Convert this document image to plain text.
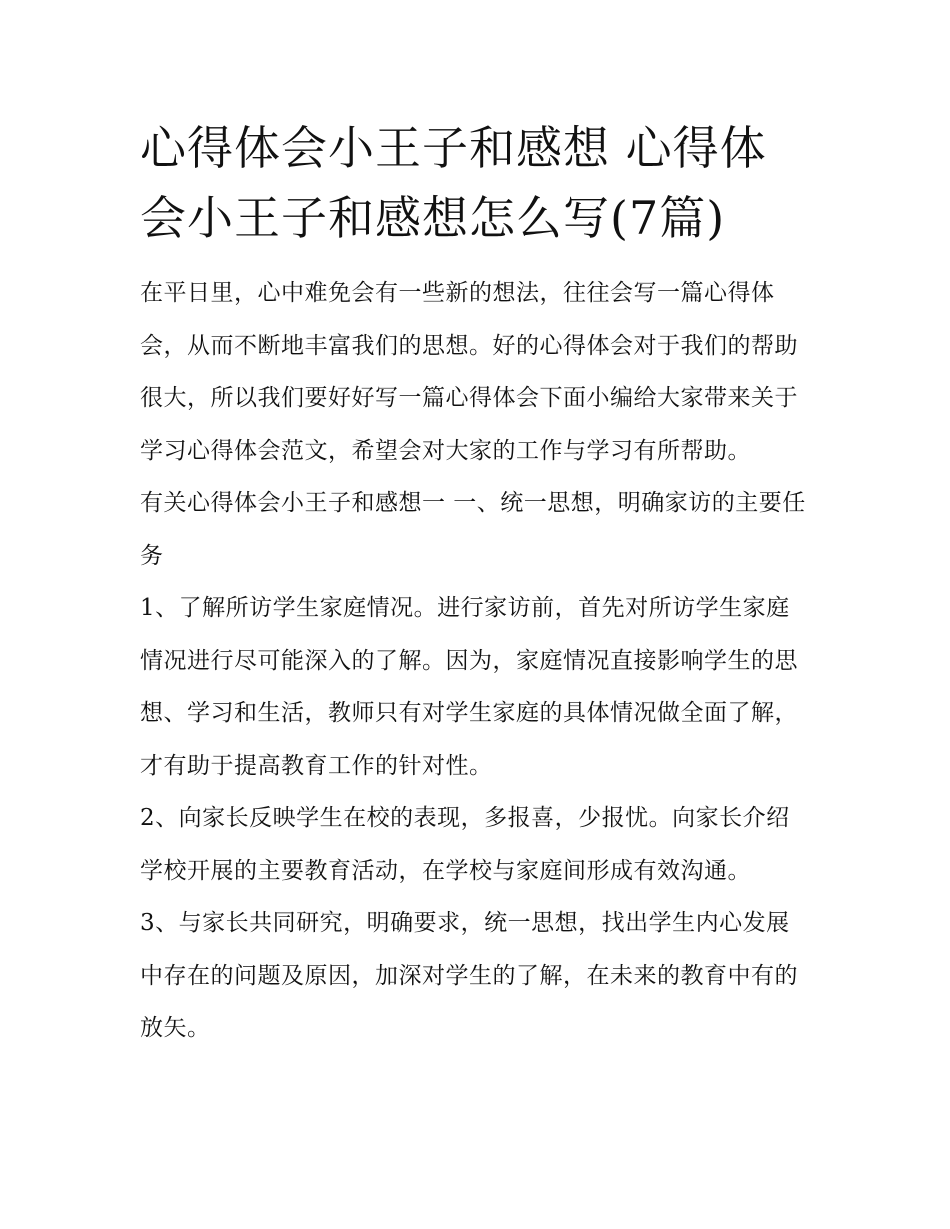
心得体会小王子和感想 心得体会小王子和感想怎么写(7篇)

在平日里，心中难免会有一些新的想法，往往会写一篇心得体会，从而不断地丰富我们的思想。好的心得体会对于我们的帮助很大，所以我们要好好写一篇心得体会下面小编给大家带来关于学习心得体会范文，希望会对大家的工作与学习有所帮助。

有关心得体会小王子和感想一 一、统一思想，明确家访的主要任务

1、了解所访学生家庭情况。进行家访前，首先对所访学生家庭情况进行尽可能深入的了解。因为，家庭情况直接影响学生的思想、学习和生活，教师只有对学生家庭的具体情况做全面了解，才有助于提高教育工作的针对性。

2、向家长反映学生在校的表现，多报喜，少报忧。向家长介绍学校开展的主要教育活动，在学校与家庭间形成有效沟通。

3、与家长共同研究，明确要求，统一思想，找出学生内心发展中存在的问题及原因，加深对学生的了解，在未来的教育中有的放矢。
